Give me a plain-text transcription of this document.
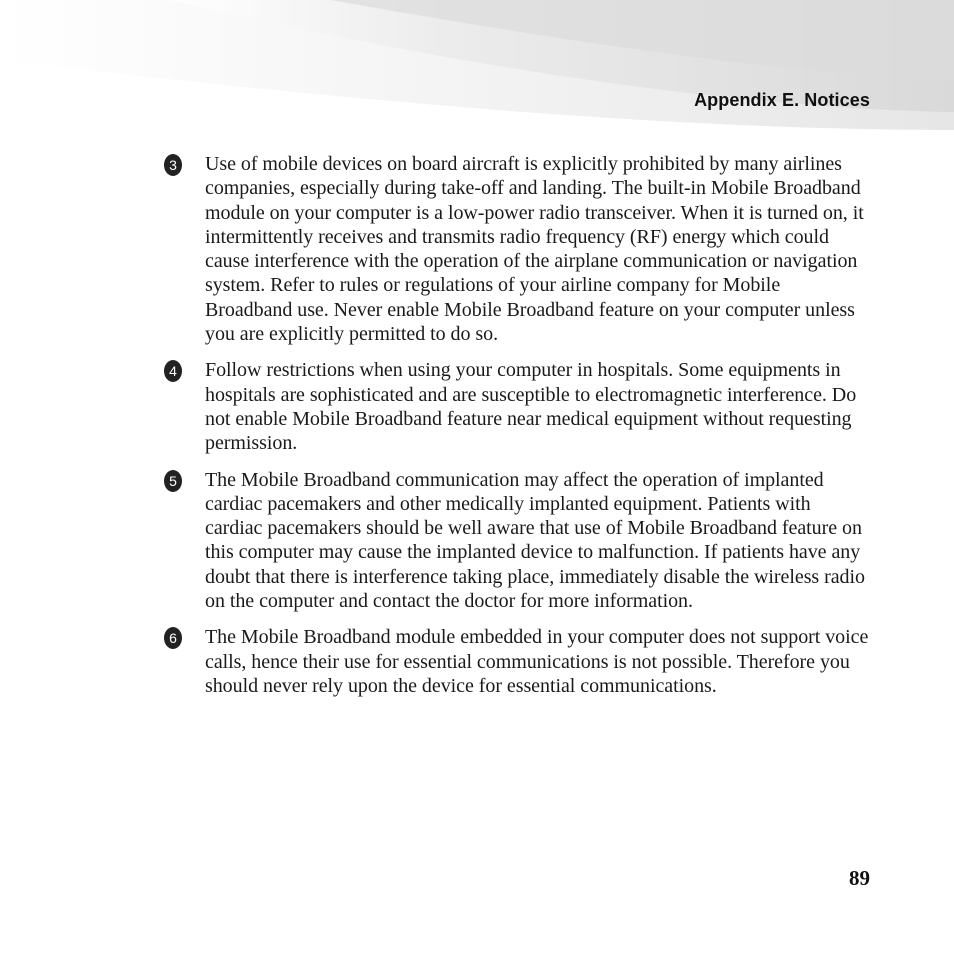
Appendix E. Notices
3 Use of mobile devices on board aircraft is explicitly prohibited by many airlines companies, especially during take-off and landing. The built-in Mobile Broadband module on your computer is a low-power radio transceiver. When it is turned on, it intermittently receives and transmits radio frequency (RF) energy which could cause interference with the operation of the airplane communication or navigation system. Refer to rules or regulations of your airline company for Mobile Broadband use. Never enable Mobile Broadband feature on your computer unless you are explicitly permitted to do so.

4 Follow restrictions when using your computer in hospitals. Some equipments in hospitals are sophisticated and are susceptible to electromagnetic interference. Do not enable Mobile Broadband feature near medical equipment without requesting permission.

5 The Mobile Broadband communication may affect the operation of implanted cardiac pacemakers and other medically implanted equipment. Patients with cardiac pacemakers should be well aware that use of Mobile Broadband feature on this computer may cause the implanted device to malfunction. If patients have any doubt that there is interference taking place, immediately disable the wireless radio on the computer and contact the doctor for more information.

6 The Mobile Broadband module embedded in your computer does not support voice calls, hence their use for essential communications is not possible. Therefore you should never rely upon the device for essential communications.

89
